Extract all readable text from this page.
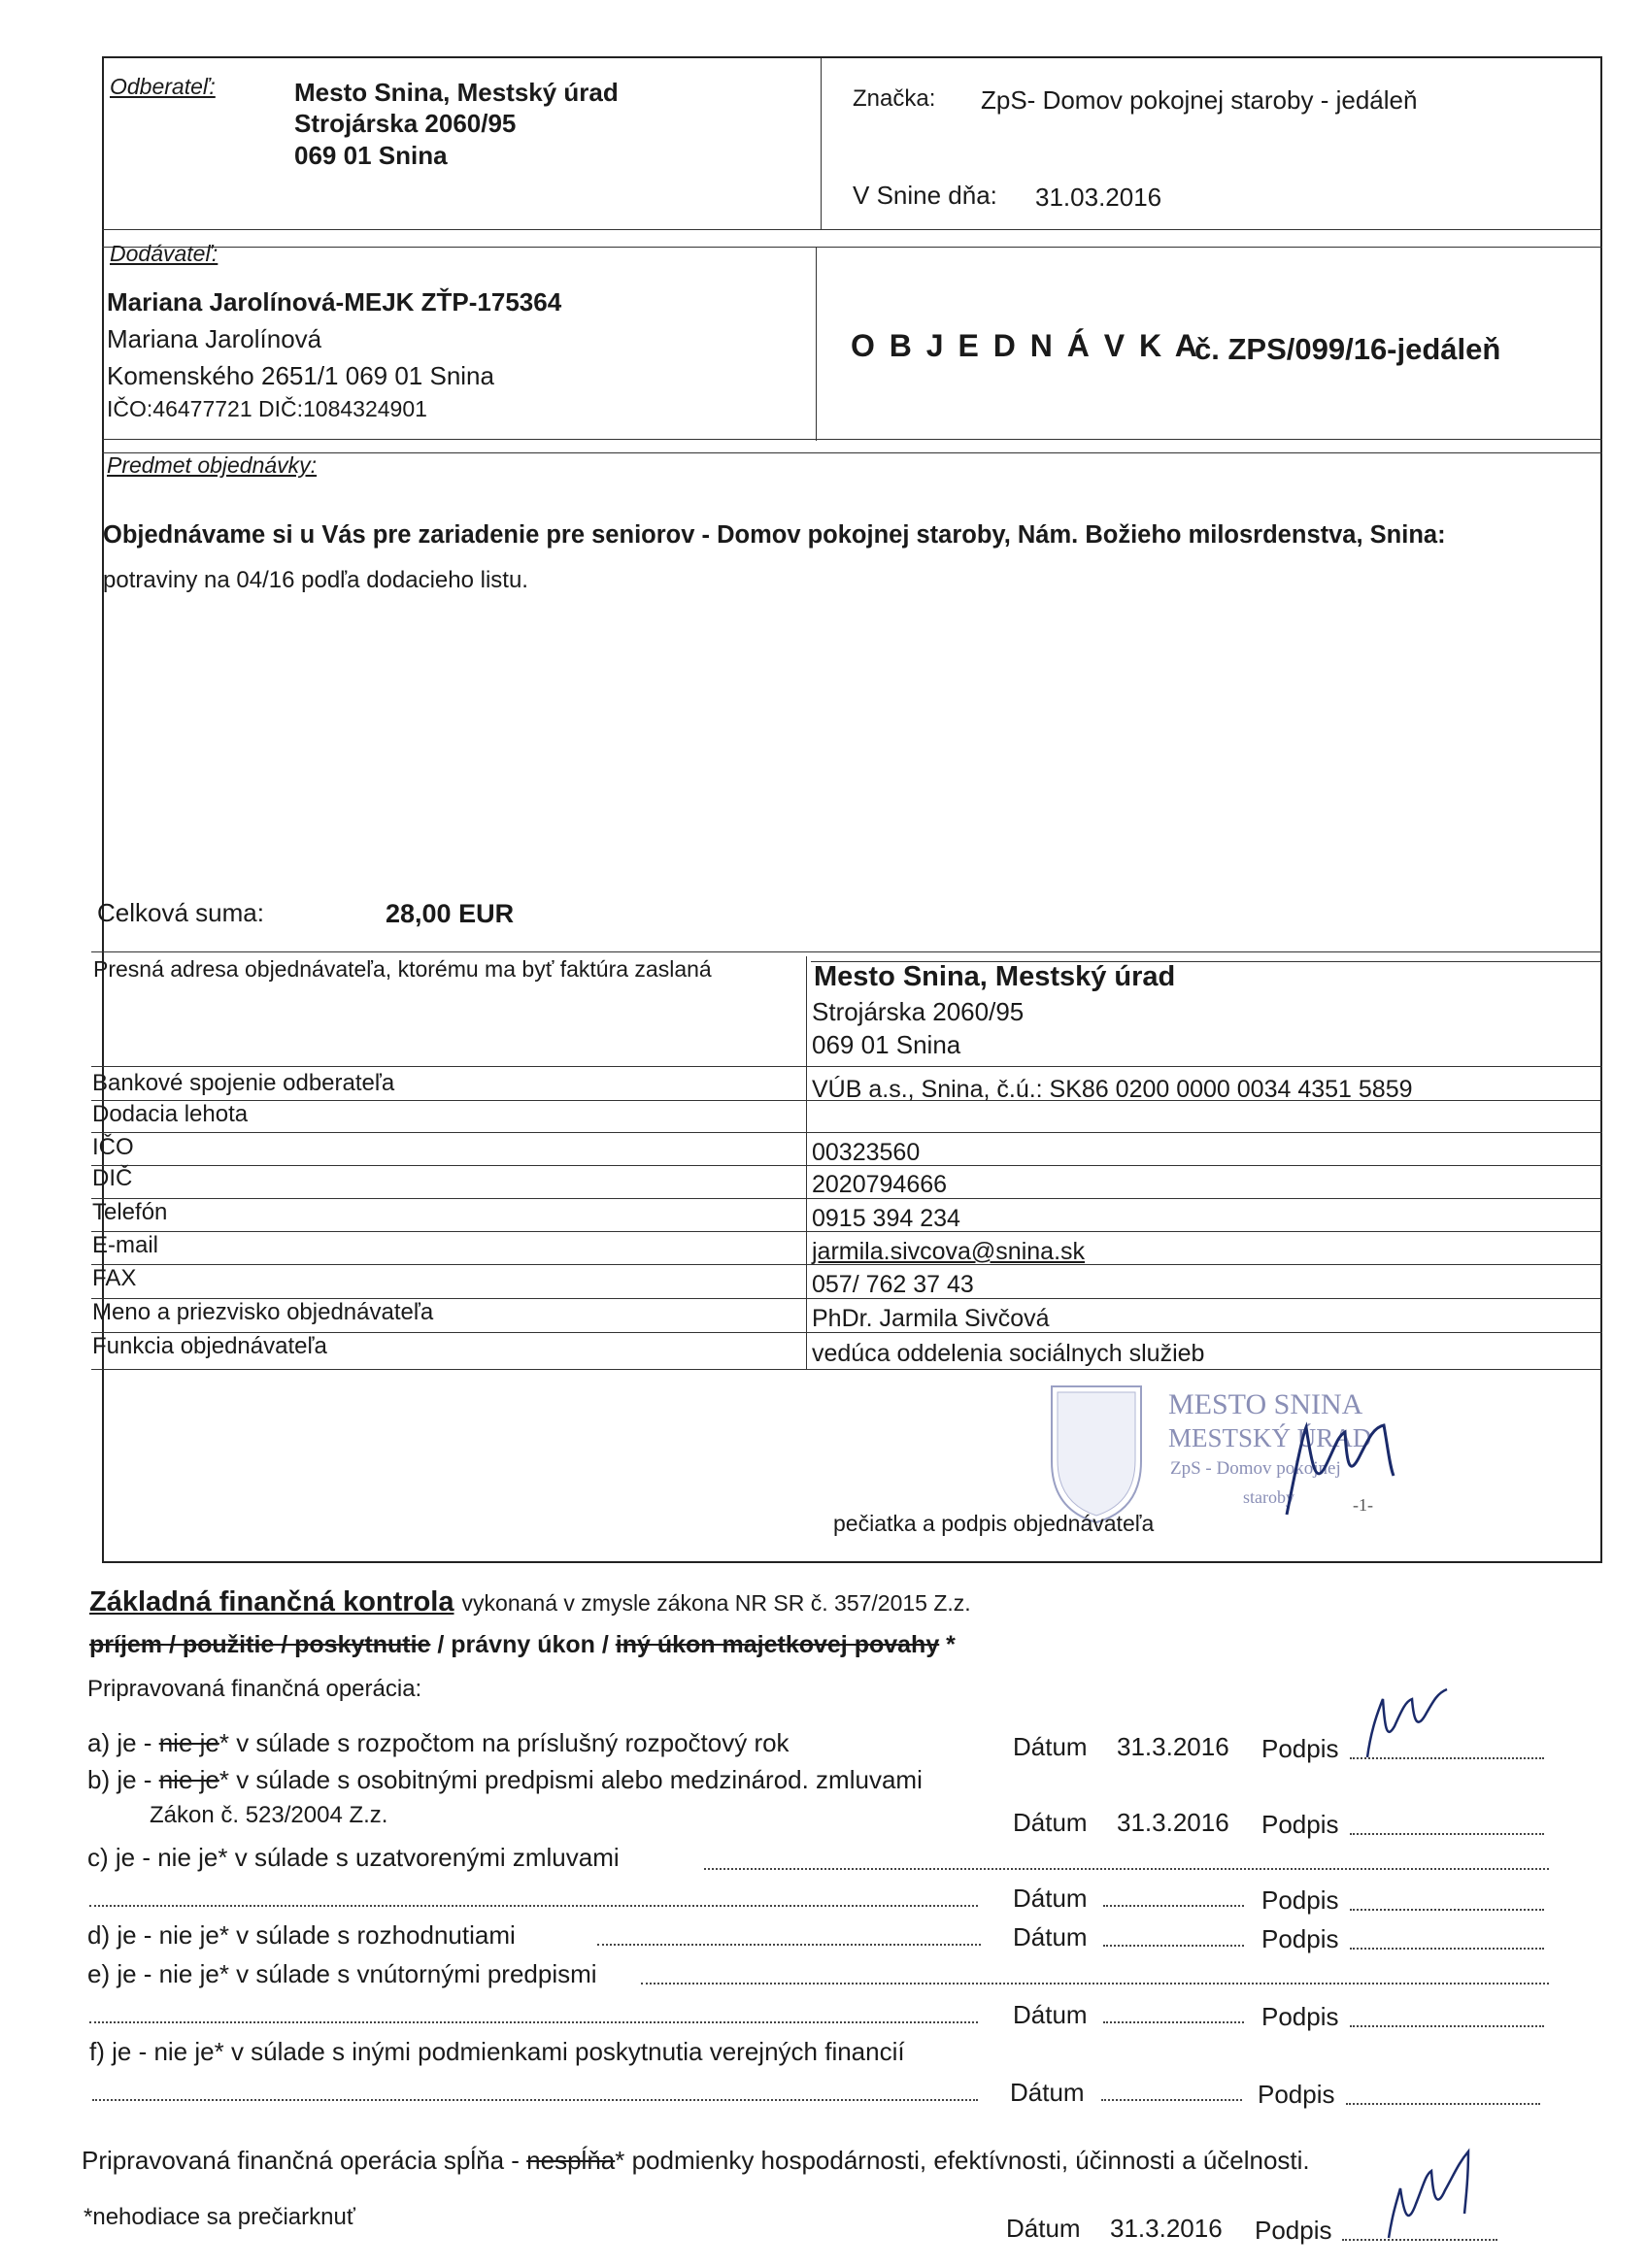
Odberateľ:	Mesto Snina, Mestský úrad
Strojárska 2060/95
069 01 Snina
Značka: ZpS- Domov pokojnej staroby - jedáleň
V Snine dňa: 31.03.2016
Dodávateľ:
Mariana Jarolínová-MEJK ZŤP-175364
Mariana Jarolínová
Komenského 2651/1 069 01 Snina
IČO:46477721 DIČ:1084324901
O B J E D N Á V K A
č. ZPS/099/16-jedáleň
Predmet objednávky:
Objednávame si u Vás pre zariadenie pre seniorov - Domov pokojnej staroby, Nám. Božieho milosrdenstva, Snina:
potraviny na 04/16 podľa dodacieho listu.
Celková suma:	28,00 EUR
Presná adresa objednávateľa, ktorému ma byť faktúra zaslaná	Mesto Snina, Mestský úrad
Strojárska 2060/95
069 01 Snina
Bankové spojenie odberateľa	VÚB a.s., Snina, č.ú.: SK86 0200 0000 0034 4351 5859
Dodacia lehota
IČO	00323560
DIČ	2020794666
Telefón	0915 394 234
E-mail	jarmila.sivcova@snina.sk
FAX	057/ 762 37 43
Meno a priezvisko objednávateľa	PhDr. Jarmila Sivčová
Funkcia objednávateľa	vedúca oddelenia sociálnych služieb
MESTO SNINA
MESTSKÝ ÚRAD
ZpS - Domov pokojnej
staroby	-1-
pečiatka a podpis objednávateľa
Základná finančná kontrola vykonaná v zmysle zákona NR SR č. 357/2015 Z.z.
príjem / použitie / poskytnutie / právny úkon / iný úkon majetkovej povahy *
Pripravovaná finančná operácia:
a) je - nie je* v súlade s rozpočtom na príslušný rozpočtový rok	Dátum 31.3.2016 Podpis
b) je - nie je* v súlade s osobitnými predpismi alebo medzinárod. zmluvami
Zákon č. 523/2004 Z.z.	Dátum 31.3.2016 Podpis
c) je - nie je* v súlade s uzatvorenými zmluvami
Dátum	Podpis
d) je - nie je* v súlade s rozhodnutiami	Dátum	Podpis
e) je - nie je* v súlade s vnútornými predpismi
Dátum	Podpis
f) je - nie je* v súlade s inými podmienkami poskytnutia verejných financií
Dátum	Podpis
Pripravovaná finančná operácia spĺňa - nespĺňa* podmienky hospodárnosti, efektívnosti, účinnosti a účelnosti.
*nehodiace sa prečiarknuť	Dátum 31.3.2016 Podpis
